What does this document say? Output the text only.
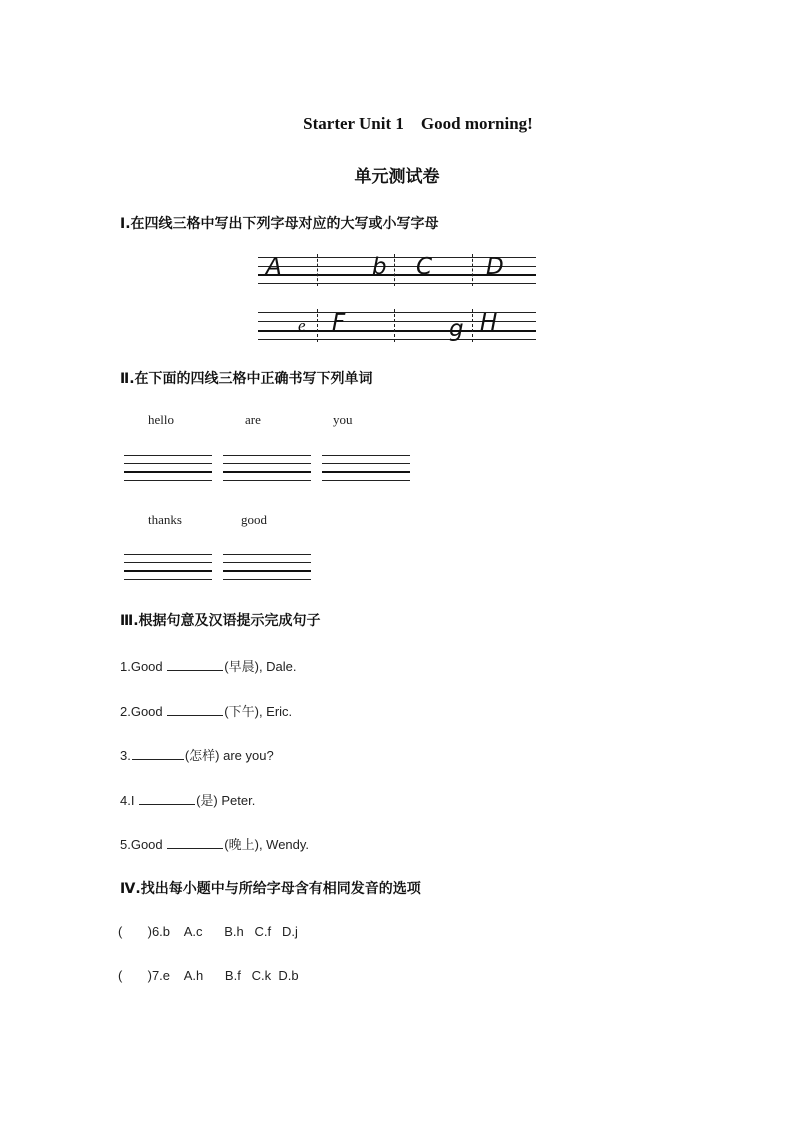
Starter Unit 1    Good morning!
单元测试卷
Ⅰ.在四线三格中写出下列字母对应的大写或小写字母
A	b C D
e F	g H
Ⅱ.在下面的四线三格中正确书写下列单词
hello	are	you
thanks	good
Ⅲ.根据句意及汉语提示完成句子
1.Good	(早晨), Dale.
2.Good	(下午), Eric.
3.	(怎样) are you?
4.I	(是) Peter.
5.Good	(晚上), Wendy.
Ⅳ.找出每小题中与所给字母含有相同发音的选项
(       )6.b    A.c      B.h   C.f   D.j
(       )7.e    A.h      B.f   C.k  D.b
